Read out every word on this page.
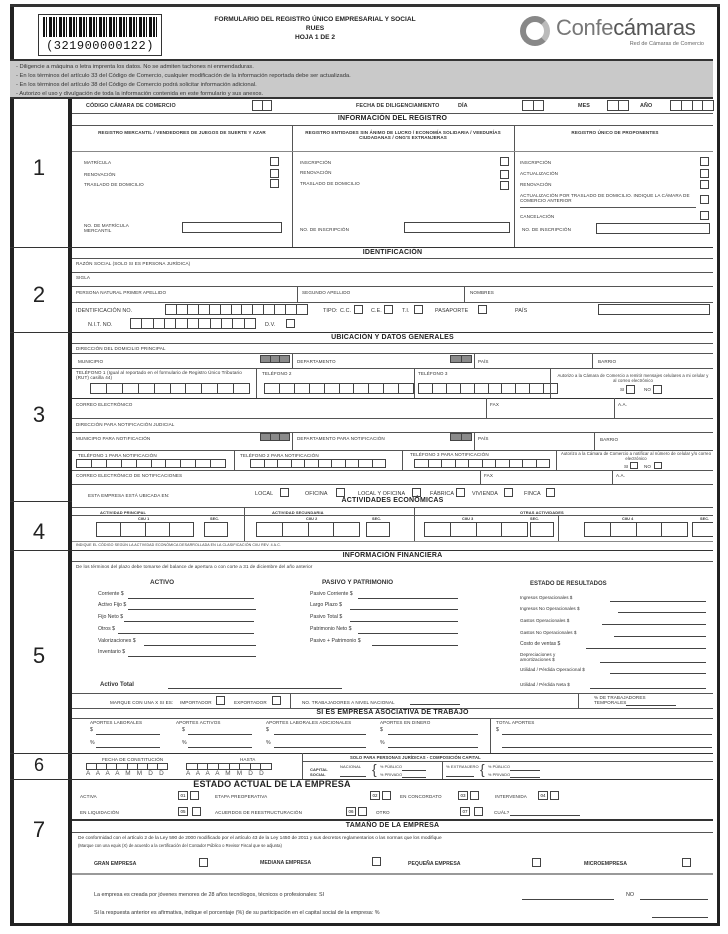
(321900000122)
FORMULARIO DEL REGISTRO ÚNICO EMPRESARIAL Y SOCIAL
RUES
HOJA 1 DE 2	Confecámaras
Red de Cámaras de Comercio
- Diligencie a máquina o letra imprenta los datos. No se admiten tachones ni enmendaduras.
- En los términos del artículo 33 del Código de Comercio, cualquier modificación de la información reportada debe ser actualizada.
- En los términos del artículo 38 del Código de Comercio podrá solicitar información adicional.
- Autorizo el uso y divulgación de toda la información contenida en este formulario y sus anexos.
CÓDIGO CÁMARA DE COMERCIO	FECHA DE DILIGENCIAMIENTO	DÍA	MES	AÑO
1
INFORMACIÓN DEL REGISTRO
REGISTRO MERCANTIL / VENDEDORES DE JUEGOS DE SUERTE Y AZAR	REGISTRO ENTIDADES SIN ÁNIMO DE LUCRO / ECONOMÍA SOLIDARIA / VEEDURÍAS CIUDADANAS / ONG'S EXTRANJERAS
REGISTRO ÚNICO DE PROPONENTES
MATRÍCULA
RENOVACIÓN
TRASLADO DE DOMICILIO
NO. DE MATRÍCULA MERCANTIL
INSCRIPCIÓN
RENOVACIÓN
TRASLADO DE DOMICILIO
NO. DE INSCRIPCIÓN
INSCRIPCIÓN
ACTUALIZACIÓN
RENOVACIÓN
ACTUALIZACIÓN POR TRASLADO DE DOMICILIO. INDIQUE LA CÁMARA DE COMERCIO ANTERIOR
CANCELACIÓN
NO. DE INSCRIPCIÓN
IDENTIFICACIÓN
2
RAZÓN SOCIAL (SOLO SI ES PERSONA JURÍDICA)
SIGLA
PERSONA NATURAL PRIMER APELLIDO	SEGUNDO APELLIDO	NOMBRES
IDENTIFICACIÓN NO.	TIPO: C.C.	C.E.	T.I.	PASAPORTE	PAÍS
N.I.T. NO.	D.V.
UBICACIÓN Y DATOS GENERALES
3
DIRECCIÓN DEL DOMICILIO PRINCIPAL
MUNICIPIO	DEPARTAMENTO	PAÍS	BARRIO
TELÉFONO 1 (Igual al reportado en el formulario de Registro Único Tributario (RUT) casilla 44)
TELÉFONO 2	TELÉFONO 3	Autorizo a la Cámara de Comercio a remitir mensajes celulares a mi celular y al correo electrónico
SI	NO
CORREO ELECTRÓNICO	FAX	A.A.
DIRECCIÓN PARA NOTIFICACIÓN JUDICIAL
MUNICIPIO PARA NOTIFICACIÓN	DEPARTAMENTO PARA NOTIFICACIÓN	PAÍS	BARRIO
TELÉFONO 1 PARA NOTIFICACIÓN	TELÉFONO 2 PARA NOTIFICACIÓN	TELÉFONO 3 PARA NOTIFICACIÓN	Autorizo a la Cámara de Comercio a notificar al número de celular y/o correo electrónico
SI	NO
CORREO ELECTRÓNICO DE NOTIFICACIONES	FAX	A.A.
ESTA EMPRESA ESTÁ UBICADA EN:	LOCAL	OFICINA	LOCAL Y OFICINA	FÁBRICA	VIVIENDA	FINCA
ACTIVIDADES ECONÓMICAS
4
ACTIVIDAD PRINCIPAL	ACTIVIDAD SECUNDARIA	OTRAS ACTIVIDADES
CIIU 1	SEC.	CIIU 2	SEC.	CIIU 3	SEC.	CIIU 4	SEC.
INDIQUE EL CÓDIGO SEGÚN LA ACTIVIDAD ECONÓMICA DESARROLLADA EN LA CLASIFICACIÓN CIIU REV. 4 A.C.
INFORMACIÓN FINANCIERA
5
De los términos del plazo debe tomarse del balance de apertura o con corte a 31 de diciembre del año anterior
ACTIVO
Corriente $
Activo Fijo $
Fijo Neto $
Otros $
Valorizaciones $
Inventario $
Activo Total
PASIVO Y PATRIMONIO
Pasivo Corriente $
Largo Plazo $
Pasivo Total $
Patrimonio Neto $
Pasivo + Patrimonio $
ESTADO DE RESULTADOS
Ingresos Operacionales $
Ingresos No Operacionales $
Gastos Operacionales $
Gastos No Operacionales $
Costo de ventas $
Depreciaciones y amortizaciones $
Utilidad / Pérdida Operacional $
Utilidad / Pérdida Neta $
MARQUE CON UNA X SI ES: IMPORTADOR	EXPORTADOR	NO. TRABAJADORES A NIVEL NACIONAL
% DE TRABAJADORES TEMPORALES
SI ES EMPRESA ASOCIATIVA DE TRABAJO
APORTES LABORALES
$
%
APORTES ACTIVOS
$
%
APORTES LABORALES ADICIONALES
$
%
APORTES EN DINERO
$
%
TOTAL APORTES
$
6	FECHA DE CONSTITUCIÓN
A A A A M M D D
HASTA
A A A A M M D D
SOLO PARA PERSONAS JURÍDICAS - COMPOSICIÓN CAPITAL
CAPITAL SOCIAL
NACIONAL { % PÚBLICO
% PRIVADO
% EXTRANJERO { % PÚBLICO
% PRIVADO
7
ESTADO ACTUAL DE LA EMPRESA
ACTIVA	01	ETAPA PREOPERATIVA	02	EN CONCORDATO	03	INTERVENIDA	04
EN LIQUIDACIÓN	05	ACUERDOS DE REESTRUCTURACIÓN	06	OTRO	07	CUÁL?
TAMAÑO DE LA EMPRESA
De conformidad con el artículo 2 de la Ley 590 de 2000 modificado por el artículo 43 de la Ley 1450 de 2011 y sus decretos reglamentarios o las normas que los modifique
(Marque con una equis (X) de acuerdo a la certificación del Contador Público o Revisor Fiscal que se adjunta)
GRAN EMPRESA	MEDIANA EMPRESA	PEQUEÑA EMPRESA	MICROEMPRESA
La empresa es creada por jóvenes menores de 28 años tecnólogos, técnicos o profesionales: SI	NO
Si la respuesta anterior es afirmativa, indique el porcentaje (%) de su participación en el capital social de la empresa: %
